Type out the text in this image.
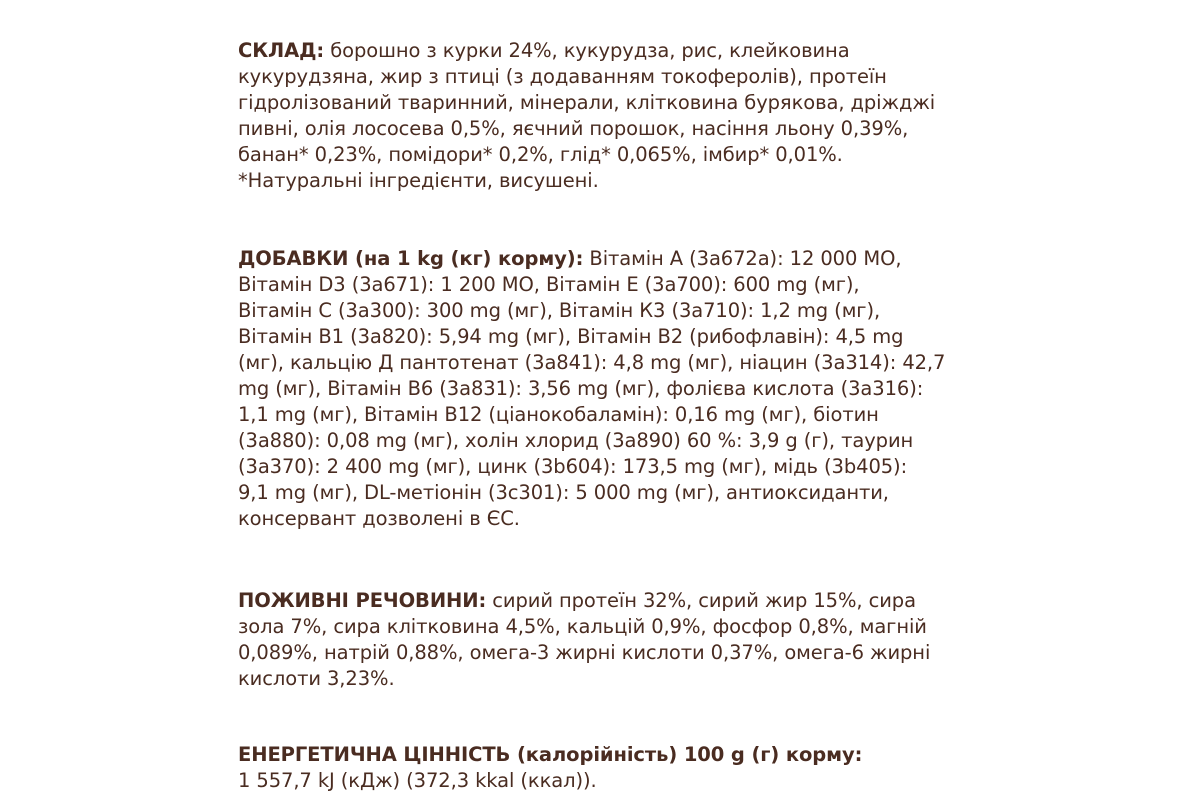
СКЛАД: борошно з курки 24%, кукурудза, рис, клейковина
кукурудзяна, жир з птиці (з додаванням токоферолів), протеїн
гідролізований тваринний, мінерали, клітковина бурякова, дріжджі
пивні, олія лососева 0,5%, яєчний порошок, насіння льону 0,39%,
банан* 0,23%, помідори* 0,2%, глід* 0,065%, імбир* 0,01%.
*Натуральні інгредієнти, висушені.

ДОБАВКИ (на 1 kg (кг) корму): Вітамін А (3a672a): 12 000 МО,
Вітамін D3 (3a671): 1 200 МО, Вітамін Е (3a700): 600 mg (мг),
Вітамін С (3a300): 300 mg (мг), Вітамін К3 (3a710): 1,2 mg (мг),
Вітамін В1 (3a820): 5,94 mg (мг), Вітамін В2 (рибофлавін): 4,5 mg
(мг), кальцію Д пантотенат (3a841): 4,8 mg (мг), ніацин (3a314): 42,7
mg (мг), Вітамін В6 (3a831): 3,56 mg (мг), фолієва кислота (3a316):
1,1 mg (мг), Вітамін В12 (ціанокобаламін): 0,16 mg (мг), біотин
(3a880): 0,08 mg (мг), холін хлорид (3a890) 60 %: 3,9 g (г), таурин
(3a370): 2 400 mg (мг), цинк (3b604): 173,5 mg (мг), мідь (3b405):
9,1 mg (мг), DL-метіонін (3c301): 5 000 mg (мг), антиоксиданти,
консервант дозволені в ЄС.

ПОЖИВНІ РЕЧОВИНИ: сирий протеїн 32%, сирий жир 15%, сира
зола 7%, сира клітковина 4,5%, кальцій 0,9%, фосфор 0,8%, магній
0,089%, натрій 0,88%, омега-3 жирні кислоти 0,37%, омега-6 жирні
кислоти 3,23%.

ЕНЕРГЕТИЧНА ЦІННІСТЬ (калорійність) 100 g (г) корму:
1 557,7 kJ (кДж) (372,3 kkal (ккал)).
